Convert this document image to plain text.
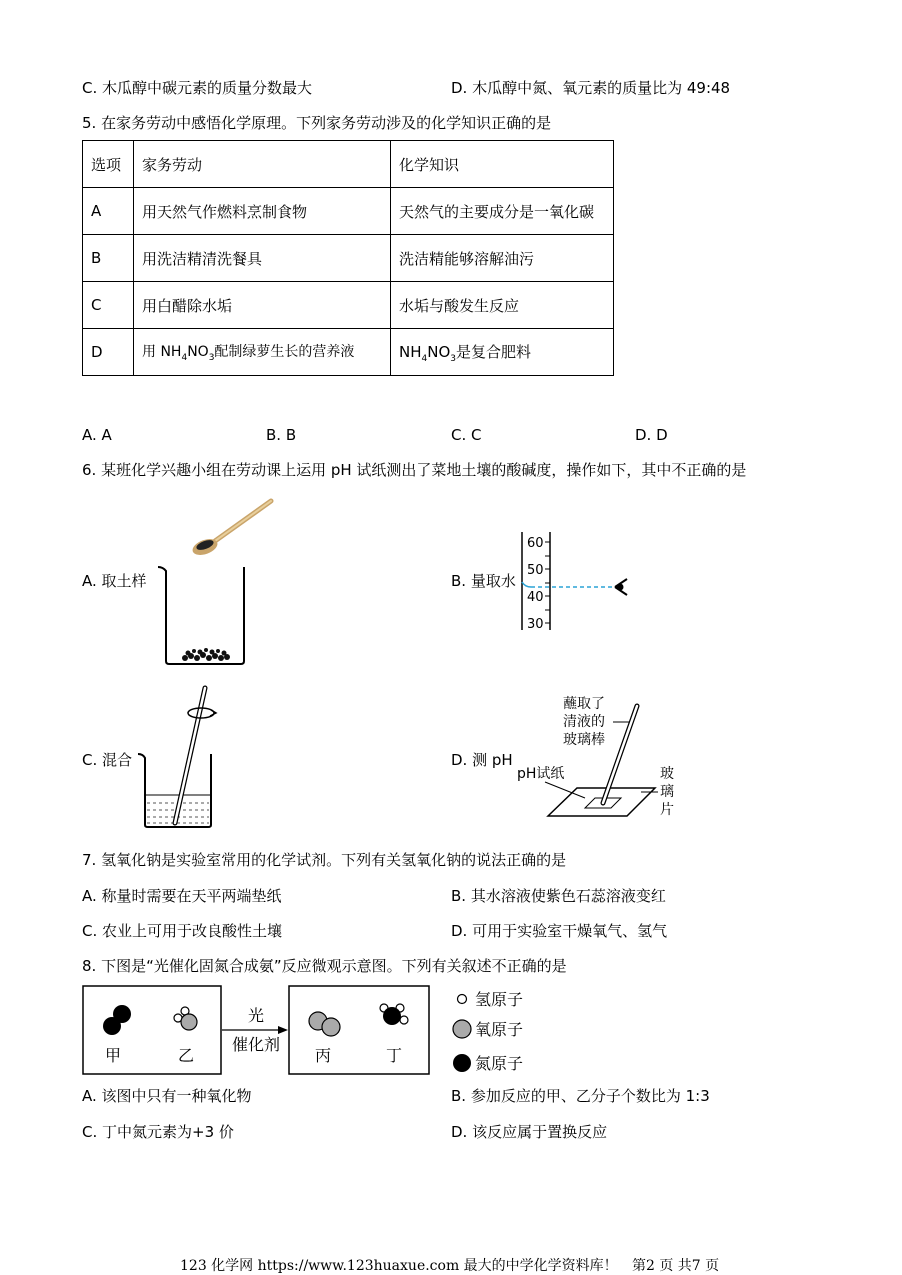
C. 木瓜醇中碳元素的质量分数最大	D. 木瓜醇中氮、氧元素的质量比为 49:48
5. 在家务劳动中感悟化学原理。下列家务劳动涉及的化学知识正确的是
选项	家务劳动	化学知识
A	用天然气作燃料烹制食物	天然气的主要成分是一氧化碳
B	用洗洁精清洗餐具	洗洁精能够溶解油污
C	用白醋除水垢	水垢与酸发生反应
D	用 $NH_4NO_3$配制绿萝生长的营养液	$NH_4NO_3$是复合肥料
A. A	B. B	C. C	D. D
6. 某班化学兴趣小组在劳动课上运用 pH 试纸测出了菜地土壤的酸碱度，操作如下，其中不正确的是
A. 取土样	B. 量取水
60
50
40
30
C. 混合	D. 测 pH
蘸取了
清液的
玻璃棒
pH试纸	玻
璃
片
7. 氢氧化钠是实验室常用的化学试剂。下列有关氢氧化钠的说法正确的是
A. 称量时需要在天平两端垫纸	B. 其水溶液使紫色石蕊溶液变红
C. 农业上可用于改良酸性土壤	D. 可用于实验室干燥氧气、氢气
8. 下图是“光催化固氮合成氨”反应微观示意图。下列有关叙述不正确的是
甲	乙
光
催化剂
丙	丁
氢原子
氧原子
氮原子
A. 该图中只有一种氧化物	B. 参加反应的甲、乙分子个数比为 1:3
C. 丁中氮元素为+3 价	D. 该反应属于置换反应
123 化学网 https://www.123huaxue.com 最大的中学化学资料库！ 第2 页 共7 页
